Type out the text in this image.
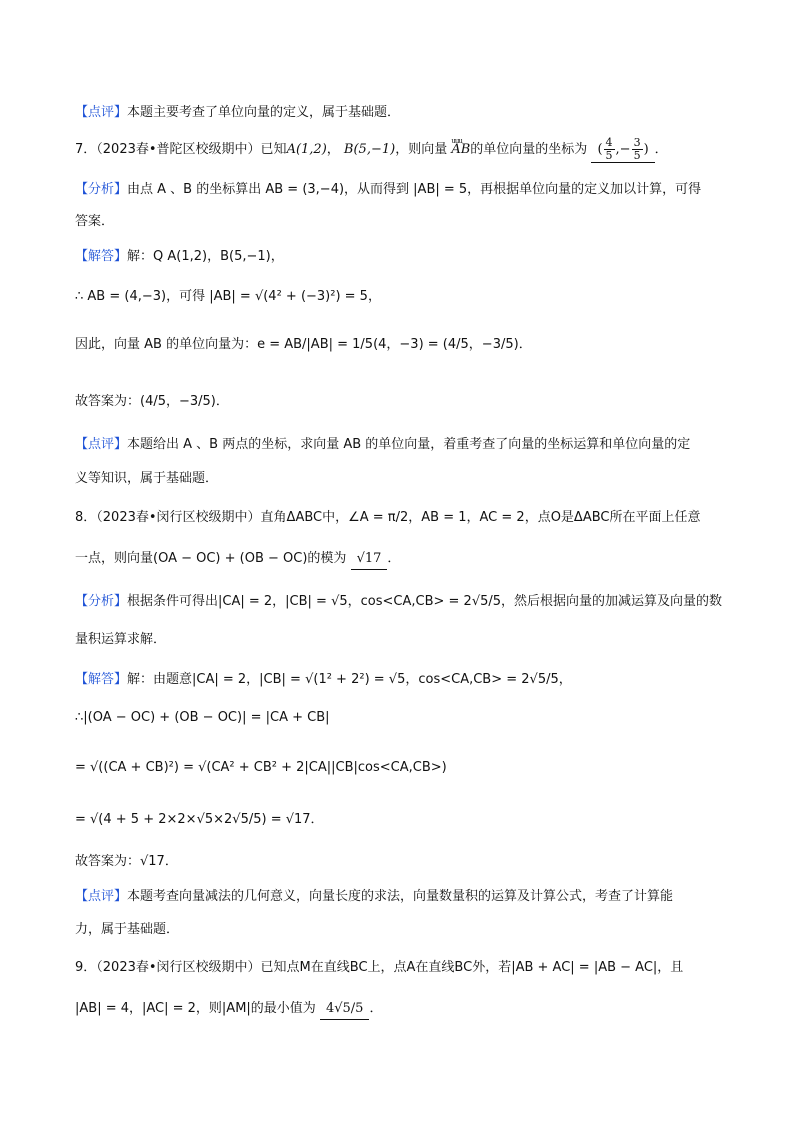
【点评】本题主要考查了单位向量的定义，属于基础题．
7．（2023春•普陀区校级期中）已知A(1,2)， B(5,−1)，则向量 uuu AB的单位向量的坐标为 ( $\frac{4}{5}$ ,− $\frac{3}{5}$ ) ．
【分析】由点 A 、B 的坐标算出 AB = (3,−4)，从而得到 |AB| = 5，再根据单位向量的定义加以计算，可得
答案．
【解答】解：Q A(1,2)，B(5,−1)，
∴ AB = (4,−3)，可得 |AB| = √(4² + (−3)²) = 5，
因此，向量 AB 的单位向量为：e = AB/|AB| = 1/5(4，−3) = (4/5，−3/5)．
故答案为：(4/5，−3/5)．
【点评】本题给出 A 、B 两点的坐标，求向量 AB 的单位向量，着重考查了向量的坐标运算和单位向量的定
义等知识，属于基础题．
8．（2023春•闵行区校级期中）直角ΔABC中，∠A = π/2，AB = 1，AC = 2，点O是ΔABC所在平面上任意
一点，则向量(OA − OC) + (OB − OC)的模为 √17 ．
【分析】根据条件可得出|CA| = 2，|CB| = √5，cos<CA,CB> = 2√5/5，然后根据向量的加减运算及向量的数
量积运算求解．
【解答】解：由题意|CA| = 2，|CB| = √(1² + 2²) = √5，cos<CA,CB> = 2√5/5，
∴|(OA − OC) + (OB − OC)| = |CA + CB|
= √((CA + CB)²) = √(CA² + CB² + 2|CA||CB|cos<CA,CB>)
= √(4 + 5 + 2×2×√5×2√5/5) = √17．
故答案为：√17．
【点评】本题考查向量减法的几何意义，向量长度的求法，向量数量积的运算及计算公式，考查了计算能
力，属于基础题．
9．（2023春•闵行区校级期中）已知点M在直线BC上，点A在直线BC外，若|AB + AC| = |AB − AC|，且
|AB| = 4，|AC| = 2，则|AM|的最小值为 4√5/5 ．
